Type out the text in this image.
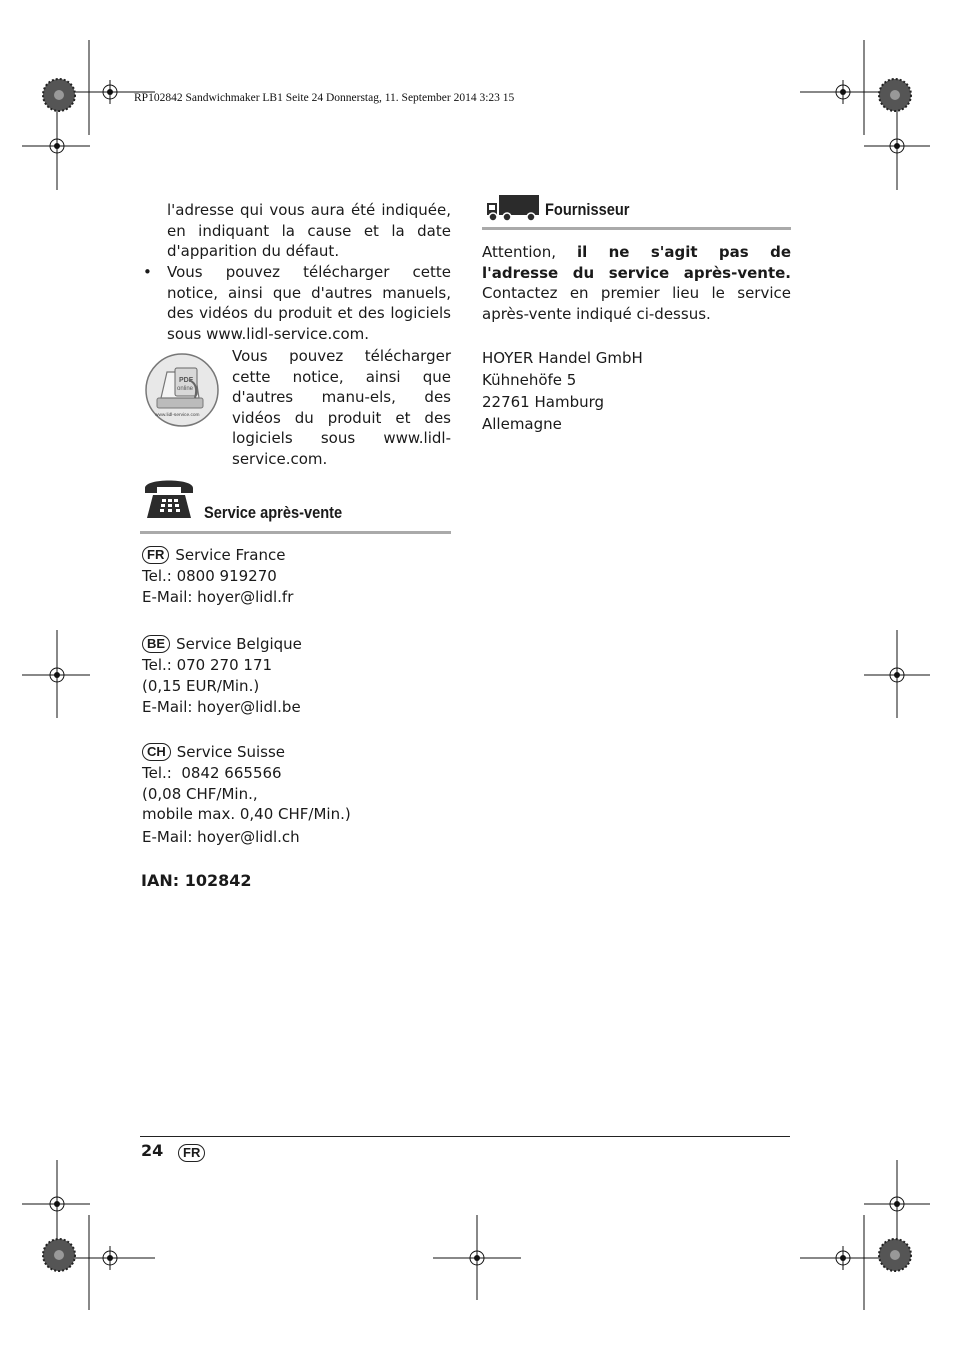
RP102842 Sandwichmaker LB1 Seite 24 Donnerstag, 11. September 2014 3:23 15
l'adresse qui vous aura été indiquée, en indiquant la cause et la date d'apparition du défaut.
• Vous pouvez télécharger cette notice, ainsi que d'autres manuels, des vidéos du produit et des logiciels sous www.lidl-service.com.
PDF
online
www.lidl-service.com
Vous pouvez télécharger cette notice, ainsi que d'autres manu-els, des vidéos du produit et des logiciels sous www.lidl-service.com.
Service après-vente
FR Service France
Tel.: 0800 919270
E-Mail: hoyer@lidl.fr
BE Service Belgique
Tel.: 070 270 171
(0,15 EUR/Min.)
E-Mail: hoyer@lidl.be
CH Service Suisse
Tel.:  0842 665566
(0,08 CHF/Min.,
mobile max. 0,40 CHF/Min.)
E-Mail: hoyer@lidl.ch
IAN: 102842
Fournisseur
Attention, il ne s'agit pas de l'adresse du service après-vente. Contactez en premier lieu le service après-vente indiqué ci-dessus.
HOYER Handel GmbH
Kühnehöfe 5
22761 Hamburg
Allemagne
24	FR
